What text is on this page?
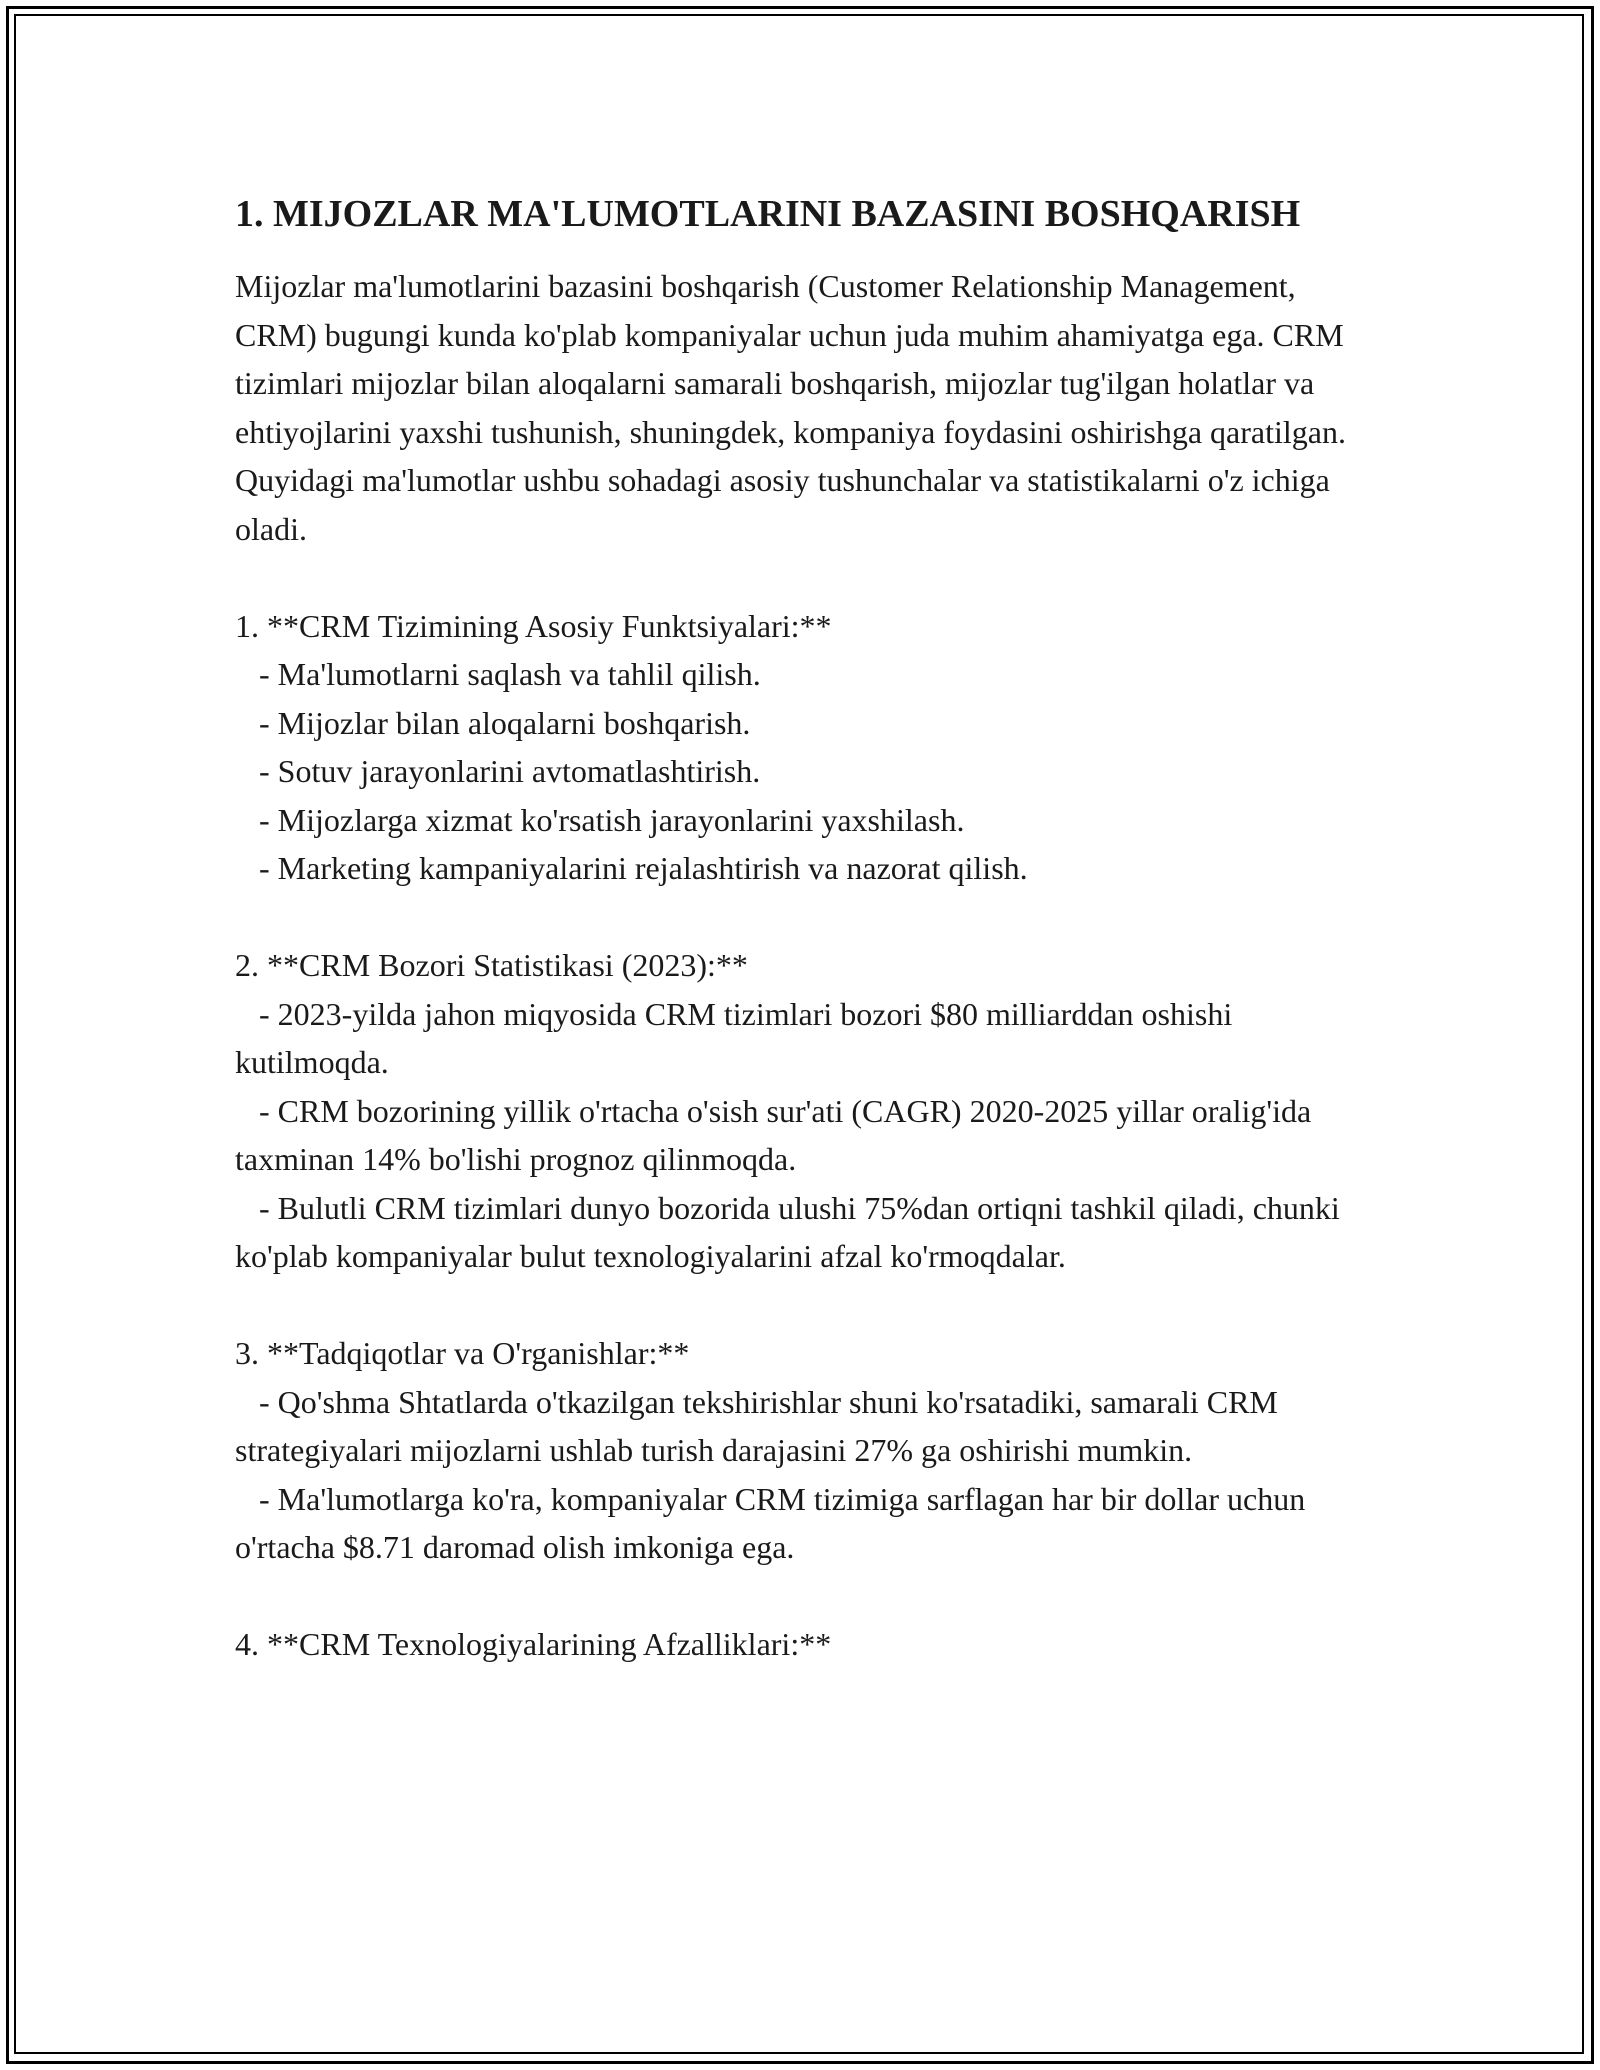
1. MIJOZLAR MA'LUMOTLARINI BAZASINI BOSHQARISH

Mijozlar ma'lumotlarini bazasini boshqarish (Customer Relationship Management, CRM) bugungi kunda ko'plab kompaniyalar uchun juda muhim ahamiyatga ega. CRM tizimlari mijozlar bilan aloqalarni samarali boshqarish, mijozlar tug'ilgan holatlar va ehtiyojlarini yaxshi tushunish, shuningdek, kompaniya foydasini oshirishga qaratilgan. Quyidagi ma'lumotlar ushbu sohadagi asosiy tushunchalar va statistikalarni o'z ichiga oladi.

1. **CRM Tizimining Asosiy Funktsiyalari:**

- Ma'lumotlarni saqlash va tahlil qilish.

- Mijozlar bilan aloqalarni boshqarish.

- Sotuv jarayonlarini avtomatlashtirish.

- Mijozlarga xizmat ko'rsatish jarayonlarini yaxshilash.

- Marketing kampaniyalarini rejalashtirish va nazorat qilish.

2. **CRM Bozori Statistikasi (2023):**

- 2023-yilda jahon miqyosida CRM tizimlari bozori $80 milliarddan oshishi kutilmoqda.

- CRM bozorining yillik o'rtacha o'sish sur'ati (CAGR) 2020-2025 yillar oralig'ida taxminan 14% bo'lishi prognoz qilinmoqda.

- Bulutli CRM tizimlari dunyo bozorida ulushi 75%dan ortiqni tashkil qiladi, chunki ko'plab kompaniyalar bulut texnologiyalarini afzal ko'rmoqdalar.

3. **Tadqiqotlar va O'rganishlar:**

- Qo'shma Shtatlarda o'tkazilgan tekshirishlar shuni ko'rsatadiki, samarali CRM strategiyalari mijozlarni ushlab turish darajasini 27% ga oshirishi mumkin.

- Ma'lumotlarga ko'ra, kompaniyalar CRM tizimiga sarflagan har bir dollar uchun o'rtacha $8.71 daromad olish imkoniga ega.

4. **CRM Texnologiyalarining Afzalliklari:**
